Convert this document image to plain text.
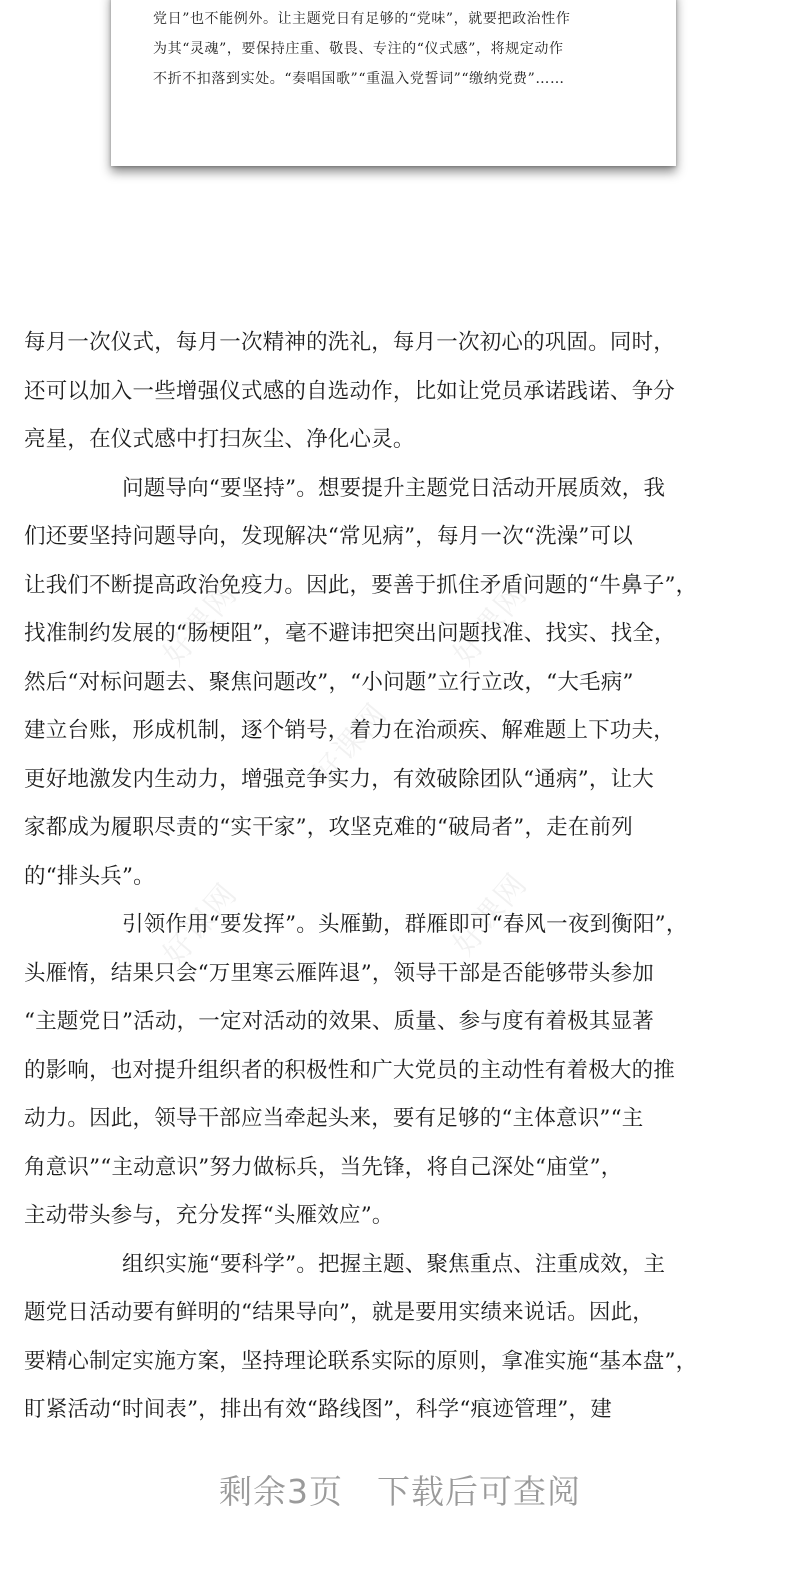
党日”也不能例外。让主题党日有足够的“党味”，就要把政治性作
为其“灵魂”，要保持庄重、敬畏、专注的“仪式感”，将规定动作
不折不扣落到实处。“奏唱国歌”“重温入党誓词”“缴纳党费”……
好课网	好课网
好课网
好课网	好课网
每月一次仪式，每月一次精神的洗礼，每月一次初心的巩固。同时，
还可以加入一些增强仪式感的自选动作，比如让党员承诺践诺、争分
亮星，在仪式感中打扫灰尘、净化心灵。
问题导向“要坚持”。想要提升主题党日活动开展质效，我
们还要坚持问题导向，发现解决“常见病”，每月一次“洗澡”可以
让我们不断提高政治免疫力。因此，要善于抓住矛盾问题的“牛鼻子”，
找准制约发展的“肠梗阻”，毫不避讳把突出问题找准、找实、找全，
然后“对标问题去、聚焦问题改”，“小问题”立行立改，“大毛病”
建立台账，形成机制，逐个销号，着力在治顽疾、解难题上下功夫，
更好地激发内生动力，增强竞争实力，有效破除团队“通病”，让大
家都成为履职尽责的“实干家”，攻坚克难的“破局者”，走在前列
的“排头兵”。
引领作用“要发挥”。头雁勤，群雁即可“春风一夜到衡阳”，
头雁惰，结果只会“万里寒云雁阵退”，领导干部是否能够带头参加
“主题党日”活动，一定对活动的效果、质量、参与度有着极其显著
的影响，也对提升组织者的积极性和广大党员的主动性有着极大的推
动力。因此，领导干部应当牵起头来，要有足够的“主体意识”“主
角意识”“主动意识”努力做标兵，当先锋，将自己深处“庙堂”，
主动带头参与，充分发挥“头雁效应”。
组织实施“要科学”。把握主题、聚焦重点、注重成效，主
题党日活动要有鲜明的“结果导向”，就是要用实绩来说话。因此，
要精心制定实施方案，坚持理论联系实际的原则，拿准实施“基本盘”，
盯紧活动“时间表”，排出有效“路线图”，科学“痕迹管理”，建
剩余3页 下载后可查阅
